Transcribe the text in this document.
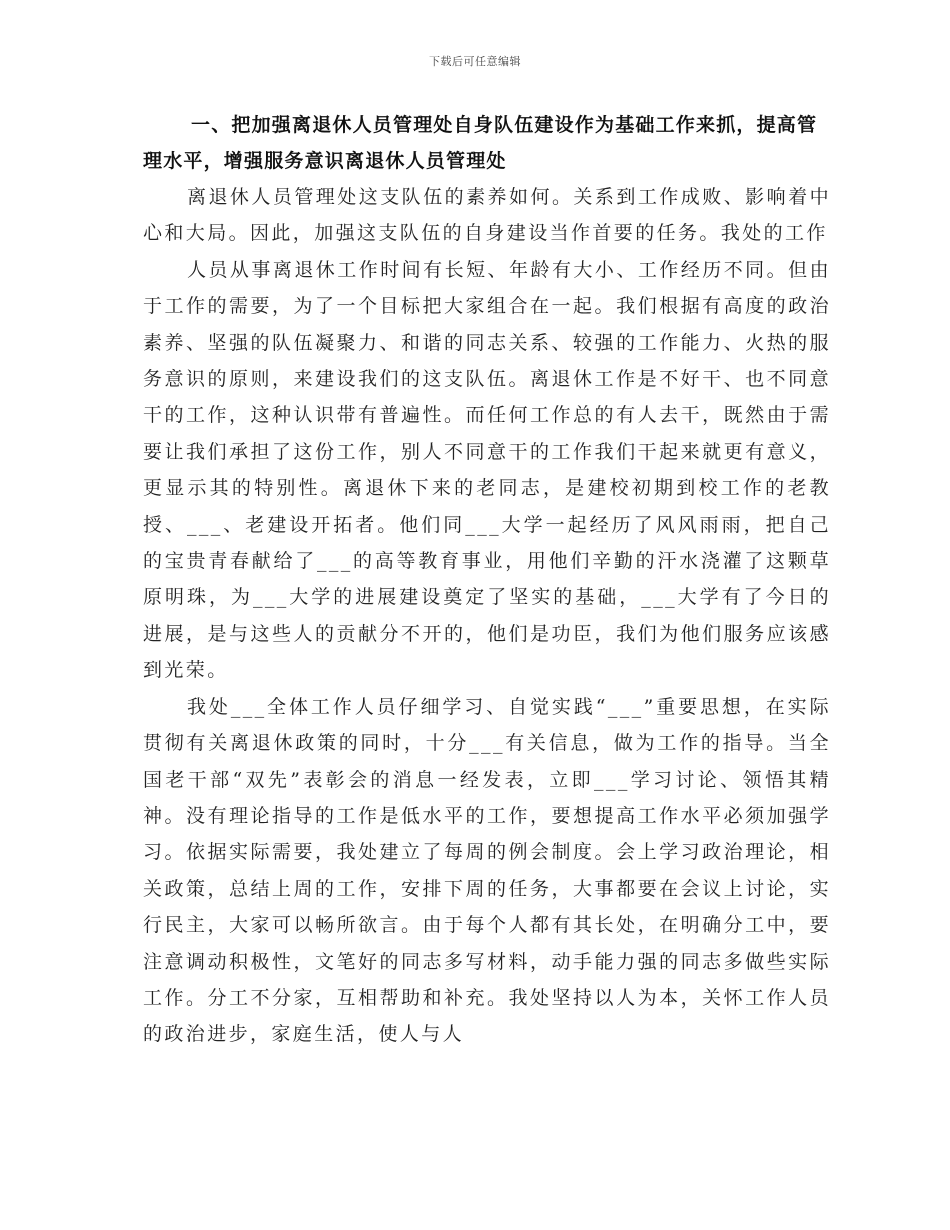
下载后可任意编辑

一、把加强离退休人员管理处自身队伍建设作为基础工作来抓，提高管理水平，增强服务意识离退休人员管理处

离退休人员管理处这支队伍的素养如何。关系到工作成败、影响着中心和大局。因此，加强这支队伍的自身建设当作首要的任务。我处的工作

人员从事离退休工作时间有长短、年龄有大小、工作经历不同。但由于工作的需要，为了一个目标把大家组合在一起。我们根据有高度的政治素养、坚强的队伍凝聚力、和谐的同志关系、较强的工作能力、火热的服务意识的原则，来建设我们的这支队伍。离退休工作是不好干、也不同意干的工作，这种认识带有普遍性。而任何工作总的有人去干，既然由于需要让我们承担了这份工作，别人不同意干的工作我们干起来就更有意义，更显示其的特别性。离退休下来的老同志，是建校初期到校工作的老教授、___、老建设开拓者。他们同___大学一起经历了风风雨雨，把自己的宝贵青春献给了___的高等教育事业，用他们辛勤的汗水浇灌了这颗草原明珠，为___大学的进展建设奠定了坚实的基础，___大学有了今日的进展，是与这些人的贡献分不开的，他们是功臣，我们为他们服务应该感到光荣。

我处___全体工作人员仔细学习、自觉实践“___”重要思想，在实际贯彻有关离退休政策的同时，十分___有关信息，做为工作的指导。当全国老干部“双先”表彰会的消息一经发表，立即___学习讨论、领悟其精神。没有理论指导的工作是低水平的工作，要想提高工作水平必须加强学习。依据实际需要，我处建立了每周的例会制度。会上学习政治理论，相关政策，总结上周的工作，安排下周的任务，大事都要在会议上讨论，实行民主，大家可以畅所欲言。由于每个人都有其长处，在明确分工中，要注意调动积极性，文笔好的同志多写材料，动手能力强的同志多做些实际工作。分工不分家，互相帮助和补充。我处坚持以人为本，关怀工作人员的政治进步，家庭生活，使人与人
